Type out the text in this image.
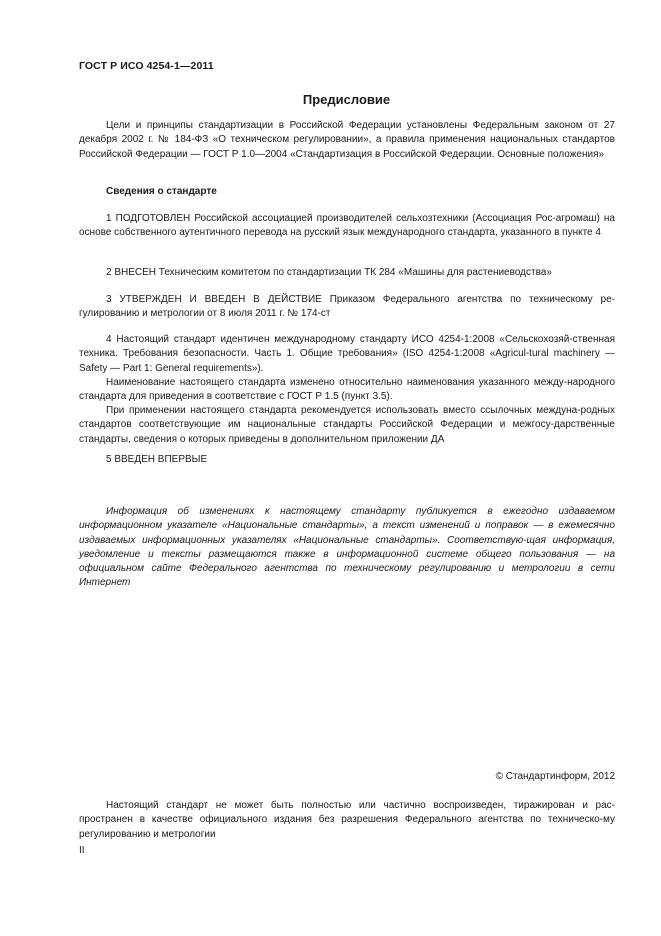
ГОСТ Р ИСО 4254-1—2011
Предисловие
Цели и принципы стандартизации в Российской Федерации установлены Федеральным законом от 27 декабря 2002 г. № 184-ФЗ «О техническом регулировании», а правила применения национальных стандартов Российской Федерации — ГОСТ Р 1.0—2004 «Стандартизация в Российской Федерации. Основные положения»
Сведения о стандарте
1 ПОДГОТОВЛЕН Российской ассоциацией производителей сельхозтехники (Ассоциация Рос-агромаш) на основе собственного аутентичного перевода на русский язык международного стандарта, указанного в пункте 4
2 ВНЕСЕН Техническим комитетом по стандартизации ТК 284 «Машины для растениеводства»
3 УТВЕРЖДЕН И ВВЕДЕН В ДЕЙСТВИЕ Приказом Федерального агентства по техническому ре-гулированию и метрологии от 8 июля 2011 г. № 174-ст
4 Настоящий стандарт идентичен международному стандарту ИСО 4254-1:2008 «Сельскохозяй-ственная техника. Требования безопасности. Часть 1. Общие требования» (ISO 4254-1:2008 «Agricul-tural machinery — Safety — Part 1: General requirements»).
Наименование настоящего стандарта изменено относительно наименования указанного между-народного стандарта для приведения в соответствие с ГОСТ Р 1.5 (пункт 3.5).
При применении настоящего стандарта рекомендуется использовать вместо ссылочных междуна-родных стандартов соответствующие им национальные стандарты Российской Федерации и межгосу-дарственные стандарты, сведения о которых приведены в дополнительном приложении ДА
5 ВВЕДЕН ВПЕРВЫЕ
Информация об изменениях к настоящему стандарту публикуется в ежегодно издаваемом информационном указателе «Национальные стандарты», а текст изменений и поправок — в ежемесячно издаваемых информационных указателях «Национальные стандарты». Соответствую-щая информация, уведомление и тексты размещаются также в информационной системе общего пользования — на официальном сайте Федерального агентства по техническому регулированию и метрологии в сети Интернет
© Стандартинформ, 2012
Настоящий стандарт не может быть полностью или частично воспроизведен, тиражирован и рас-пространен в качестве официального издания без разрешения Федерального агентства по техническо-му регулированию и метрологии
II
